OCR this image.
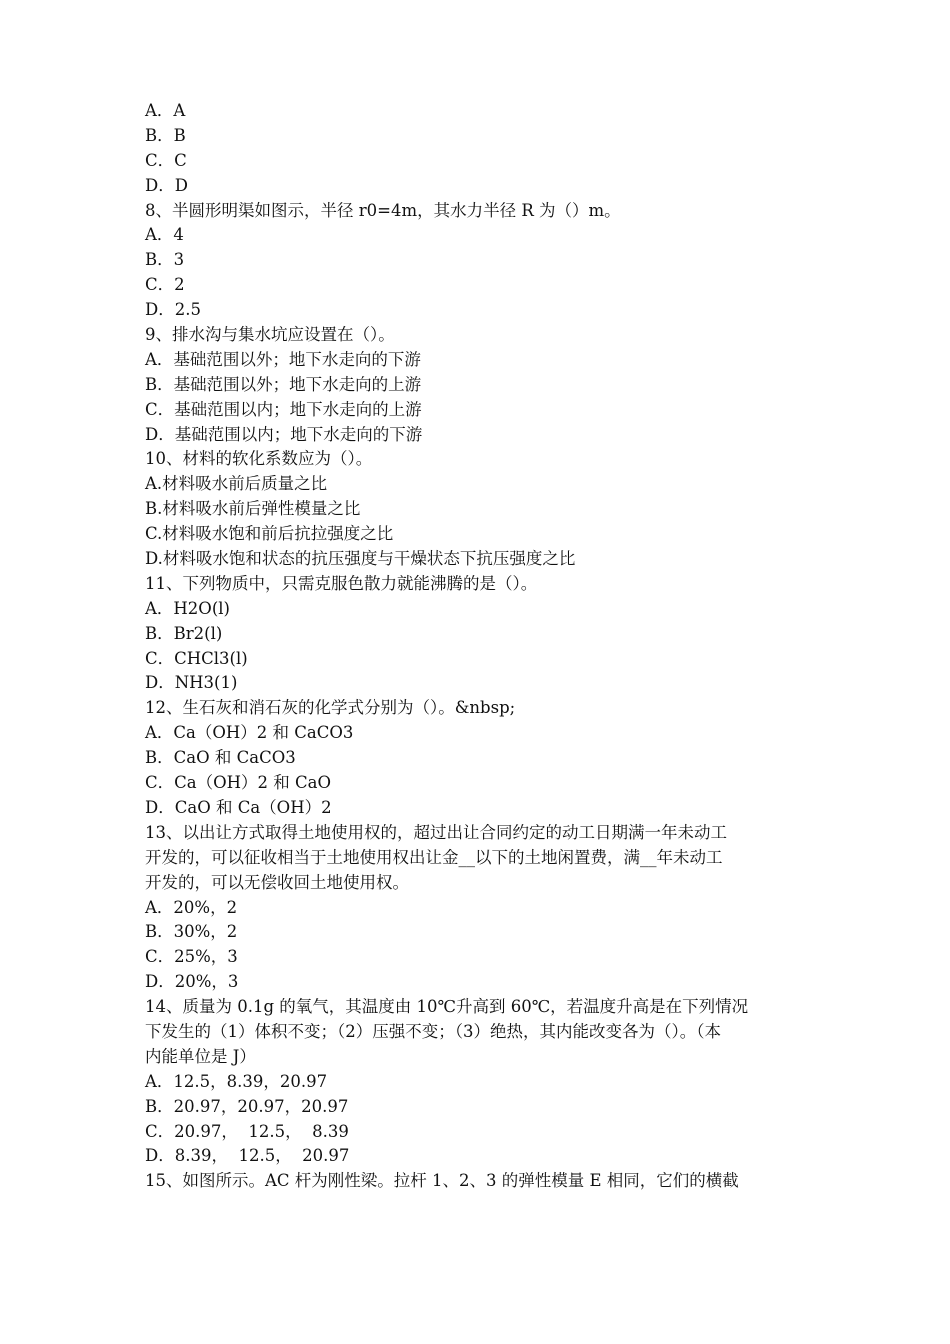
A．A
B．B
C．C
D．D
8、半圆形明渠如图示，半径 r0=4m，其水力半径 R 为（）m。
A．4
B．3
C．2
D．2.5
9、排水沟与集水坑应设置在（）。
A．基础范围以外；地下水走向的下游
B．基础范围以外；地下水走向的上游
C．基础范围以内；地下水走向的上游
D．基础范围以内；地下水走向的下游
10、材料的软化系数应为（）。
A.材料吸水前后质量之比
B.材料吸水前后弹性模量之比
C.材料吸水饱和前后抗拉强度之比
D.材料吸水饱和状态的抗压强度与干燥状态下抗压强度之比
11、下列物质中，只需克服色散力就能沸腾的是（）。
A．H2O(l)
B．Br2(l)
C．CHCl3(l)
D．NH3(1)
12、生石灰和消石灰的化学式分别为（）。&nbsp;
A．Ca（OH）2 和 CaCO3
B．CaO 和 CaCO3
C．Ca（OH）2 和 CaO
D．CaO 和 Ca（OH）2
13、以出让方式取得土地使用权的，超过出让合同约定的动工日期满一年未动工
开发的，可以征收相当于土地使用权出让金__以下的土地闲置费，满__年未动工
开发的，可以无偿收回土地使用权。
A．20%，2
B．30%，2
C．25%，3
D．20%，3
14、质量为 0.1g 的氧气，其温度由 10℃升高到 60℃，若温度升高是在下列情况
下发生的（1）体积不变；（2）压强不变；（3）绝热，其内能改变各为（）。（本
内能单位是 J）
A．12.5，8.39，20.97
B．20.97，20.97，20.97
C．20.97，  12.5，  8.39
D．8.39，  12.5，  20.97
15、如图所示。AC 杆为刚性梁。拉杆 1、2、3 的弹性模量 E 相同，它们的横截
